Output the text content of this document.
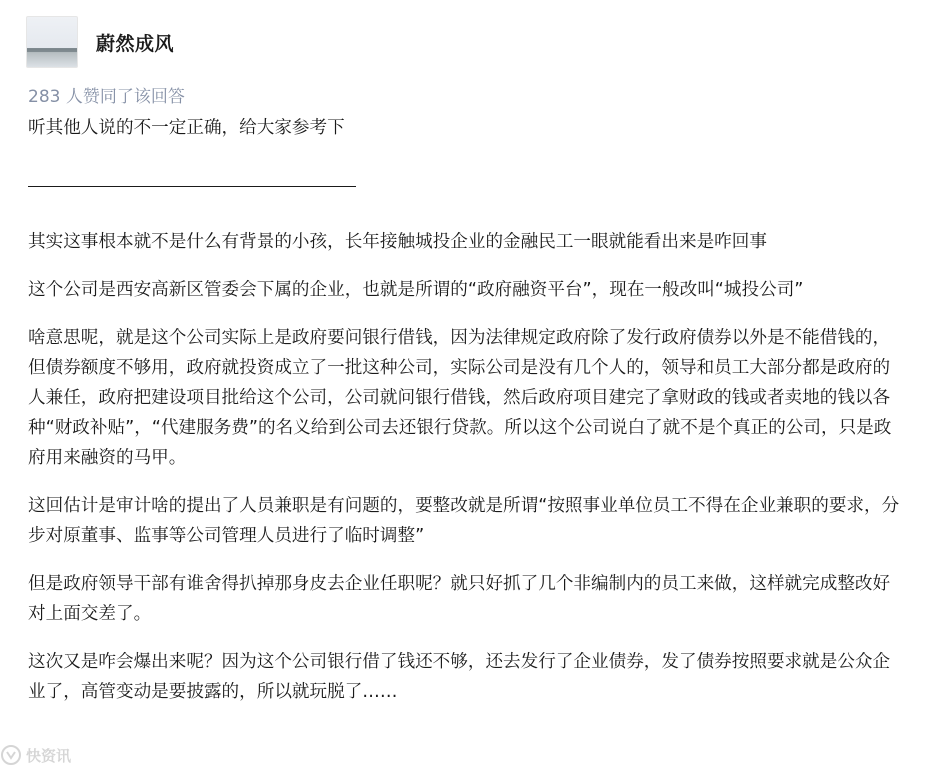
蔚然成风
283 人赞同了该回答

听其他人说的不一定正确，给大家参考下

其实这事根本就不是什么有背景的小孩，长年接触城投企业的金融民工一眼就能看出来是咋回事

这个公司是西安高新区管委会下属的企业，也就是所谓的“政府融资平台”，现在一般改叫“城投公司”

啥意思呢，就是这个公司实际上是政府要问银行借钱，因为法律规定政府除了发行政府债券以外是不能借钱的，但债券额度不够用，政府就投资成立了一批这种公司，实际公司是没有几个人的，领导和员工大部分都是政府的人兼任，政府把建设项目批给这个公司，公司就问银行借钱，然后政府项目建完了拿财政的钱或者卖地的钱以各种“财政补贴”，“代建服务费”的名义给到公司去还银行贷款。所以这个公司说白了就不是个真正的公司，只是政府用来融资的马甲。

这回估计是审计啥的提出了人员兼职是有问题的，要整改就是所谓“按照事业单位员工不得在企业兼职的要求，分步对原董事、监事等公司管理人员进行了临时调整”

但是政府领导干部有谁舍得扒掉那身皮去企业任职呢？就只好抓了几个非编制内的员工来做，这样就完成整改好对上面交差了。

这次又是咋会爆出来呢？因为这个公司银行借了钱还不够，还去发行了企业债券，发了债券按照要求就是公众企业了，高管变动是要披露的，所以就玩脱了……

快资讯
